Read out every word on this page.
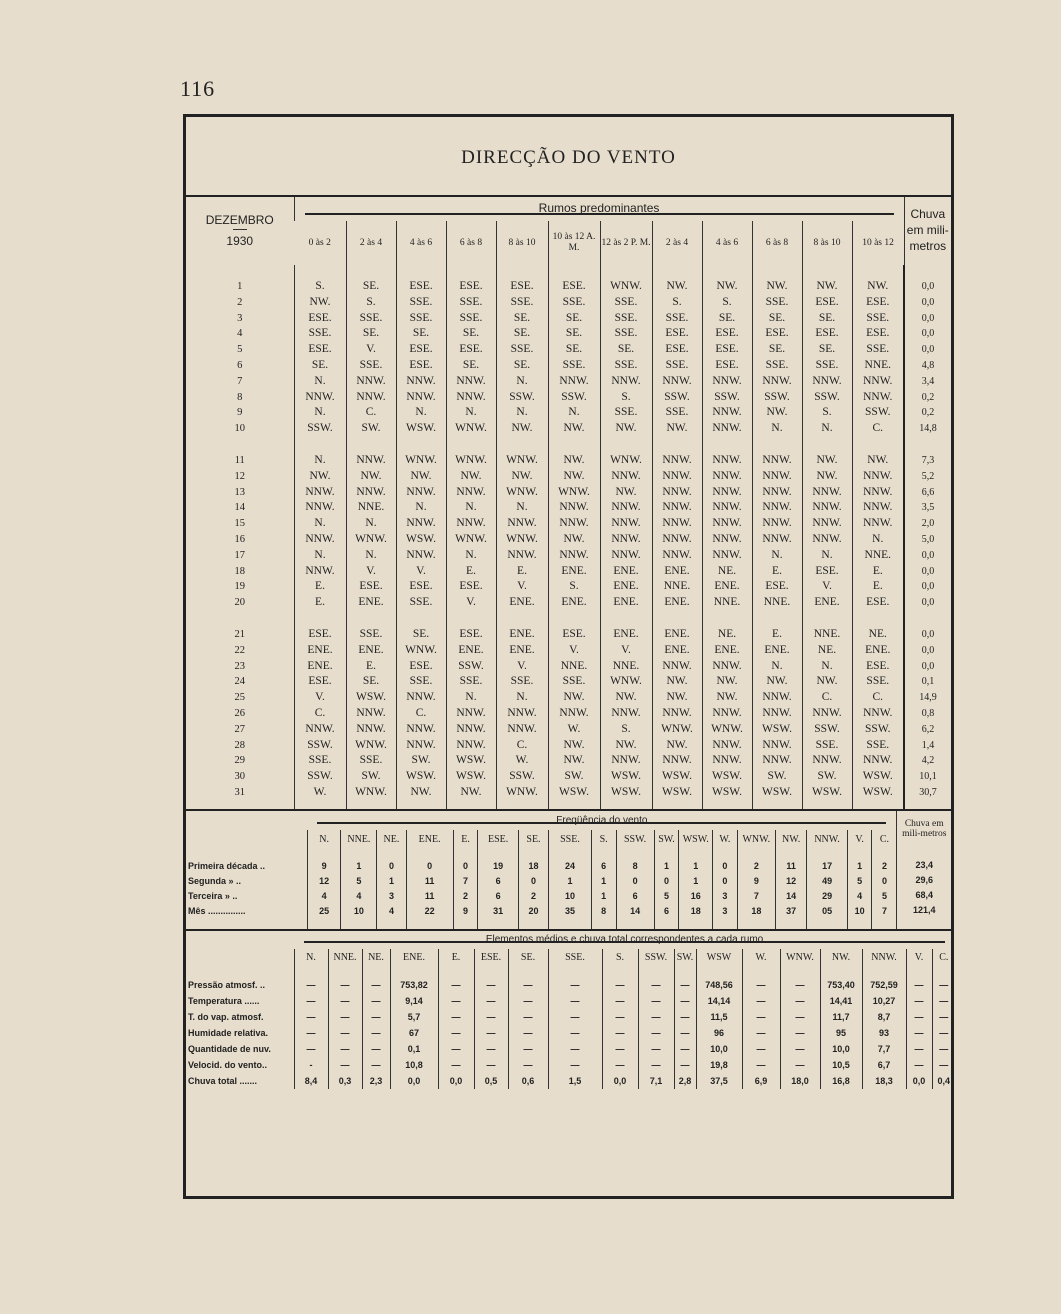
116
DIRECÇÃO DO VENTO
DEZEMBRO
1930	Rumos predominantes												Chuva em mili-metros
	0 às 2	2 às 4	4 às 6	6 às 8	8 às 10	10 às 12 A. M.	12 às 2 P. M.	2 às 4	4 às 6	6 às 8	8 às 10	10 às 12	

1	S.	SE.	ESE.	ESE.	ESE.	ESE.	WNW.	NW.	NW.	NW.	NW.	NW.	0,0
2	NW.	S.	SSE.	SSE.	SSE.	SSE.	SSE.	S.	S.	SSE.	ESE.	ESE.	0,0
3	ESE.	SSE.	SSE.	SSE.	SE.	SE.	SSE.	SSE.	SE.	SE.	SE.	SSE.	0,0
4	SSE.	SE.	SE.	SE.	SE.	SE.	SSE.	ESE.	ESE.	ESE.	ESE.	ESE.	0,0
5	ESE.	V.	ESE.	ESE.	SSE.	SE.	SE.	ESE.	ESE.	SE.	SE.	SSE.	0,0
6	SE.	SSE.	ESE.	SE.	SE.	SSE.	SSE.	SSE.	ESE.	SSE.	SSE.	NNE.	4,8
7	N.	NNW.	NNW.	NNW.	N.	NNW.	NNW.	NNW.	NNW.	NNW.	NNW.	NNW.	3,4
8	NNW.	NNW.	NNW.	NNW.	SSW.	SSW.	S.	SSW.	SSW.	SSW.	SSW.	NNW.	0,2
9	N.	C.	N.	N.	N.	N.	SSE.	SSE.	NNW.	NW.	S.	SSW.	0,2
10	SSW.	SW.	WSW.	WNW.	NW.	NW.	NW.	NW.	NNW.	N.	N.	C.	14,8

11	N.	NNW.	WNW.	WNW.	WNW.	NW.	WNW.	NNW.	NNW.	NNW.	NW.	NW.	7,3
12	NW.	NW.	NW.	NW.	NW.	NW.	NNW.	NNW.	NNW.	NNW.	NW.	NNW.	5,2
13	NNW.	NNW.	NNW.	NNW.	WNW.	WNW.	NW.	NNW.	NNW.	NNW.	NNW.	NNW.	6,6
14	NNW.	NNE.	N.	N.	N.	NNW.	NNW.	NNW.	NNW.	NNW.	NNW.	NNW.	3,5
15	N.	N.	NNW.	NNW.	NNW.	NNW.	NNW.	NNW.	NNW.	NNW.	NNW.	NNW.	2,0
16	NNW.	WNW.	WSW.	WNW.	WNW.	NW.	NNW.	NNW.	NNW.	NNW.	NNW.	N.	5,0
17	N.	N.	NNW.	N.	NNW.	NNW.	NNW.	NNW.	NNW.	N.	N.	NNE.	0,0
18	NNW.	V.	V.	E.	E.	ENE.	ENE.	ENE.	NE.	E.	ESE.	E.	0,0
19	E.	ESE.	ESE.	ESE.	V.	S.	ENE.	NNE.	ENE.	ESE.	V.	E.	0,0
20	E.	ENE.	SSE.	V.	ENE.	ENE.	ENE.	ENE.	NNE.	NNE.	ENE.	ESE.	0,0

21	ESE.	SSE.	SE.	ESE.	ENE.	ESE.	ENE.	ENE.	NE.	E.	NNE.	NE.	0,0
22	ENE.	ENE.	WNW.	ENE.	ENE.	V.	V.	ENE.	ENE.	ENE.	NE.	ENE.	0,0
23	ENE.	E.	ESE.	SSW.	V.	NNE.	NNE.	NNW.	NNW.	N.	N.	ESE.	0,0
24	ESE.	SE.	SSE.	SSE.	SSE.	SSE.	WNW.	NW.	NW.	NW.	NW.	SSE.	0,1
25	V.	WSW.	NNW.	N.	N.	NW.	NW.	NW.	NW.	NNW.	C.	C.	14,9
26	C.	NNW.	C.	NNW.	NNW.	NNW.	NNW.	NNW.	NNW.	NNW.	NNW.	NNW.	0,8
27	NNW.	NNW.	NNW.	NNW.	NNW.	W.	S.	WNW.	WNW.	WSW.	SSW.	SSW.	6,2
28	SSW.	WNW.	NNW.	NNW.	C.	NW.	NW.	NW.	NNW.	NNW.	SSE.	SSE.	1,4
29	SSE.	SSE.	SW.	WSW.	W.	NW.	NNW.	NNW.	NNW.	NNW.	NNW.	NNW.	4,2
30	SSW.	SW.	WSW.	WSW.	SSW.	SW.	WSW.	WSW.	WSW.	SW.	SW.	WSW.	10,1
31	W.	WNW.	NW.	NW.	WNW.	WSW.	WSW.	WSW.	WSW.	WSW.	WSW.	WSW.	30,7

	Freqüência do vento																		Chuva em mili-metros
	N.	NNE.	NE.	ENE.	E.	ESE.	SE.	SSE.	S.	SSW.	SW.	WSW.	W.	WNW.	NW.	NNW.	V.	C.	

Primeira década ..	9	1	0	0	0	19	18	24	6	8	1	1	0	2	11	17	1	2	23,4
Segunda » ..	12	5	1	11	7	6	0	1	1	0	0	1	0	9	12	49	5	0	29,6
Terceira » ..	4	4	3	11	2	6	2	10	1	6	5	16	3	7	14	29	4	5	68,4
Mês ...............	25	10	4	22	9	31	20	35	8	14	6	18	3	18	37	05	10	7	121,4

	Elementos médios e chuva total correspondentes a cada rumo																	
	N.	NNE.	NE.	ENE.	E.	ESE.	SE.	SSE.	S.	SSW.	SW.	WSW	W.	WNW.	NW.	NNW.	V.	C.

Pressão atmosf. ..	—	—	—	753,82	—	—	—	—	—	—	—	748,56	—	—	753,40	752,59	—	—
Temperatura ......	—	—	—	9,14	—	—	—	—	—	—	—	14,14	—	—	14,41	10,27	—	—
T. do vap. atmosf.	—	—	—	5,7	—	—	—	—	—	—	—	11,5	—	—	11,7	8,7	—	—
Humidade relativa.	—	—	—	67	—	—	—	—	—	—	—	96	—	—	95	93	—	—
Quantidade de nuv.	—	—	—	0,1	—	—	—	—	—	—	—	10,0	—	—	10,0	7,7	—	—
Velocid. do vento..	-	—	—	10,8	—	—	—	—	—	—	—	19,8	—	—	10,5	6,7	—	—
Chuva total .......	8,4	0,3	2,3	0,0	0,0	0,5	0,6	1,5	0,0	7,1	2,8	37,5	6,9	18,0	16,8	18,3	0,0	0,4
